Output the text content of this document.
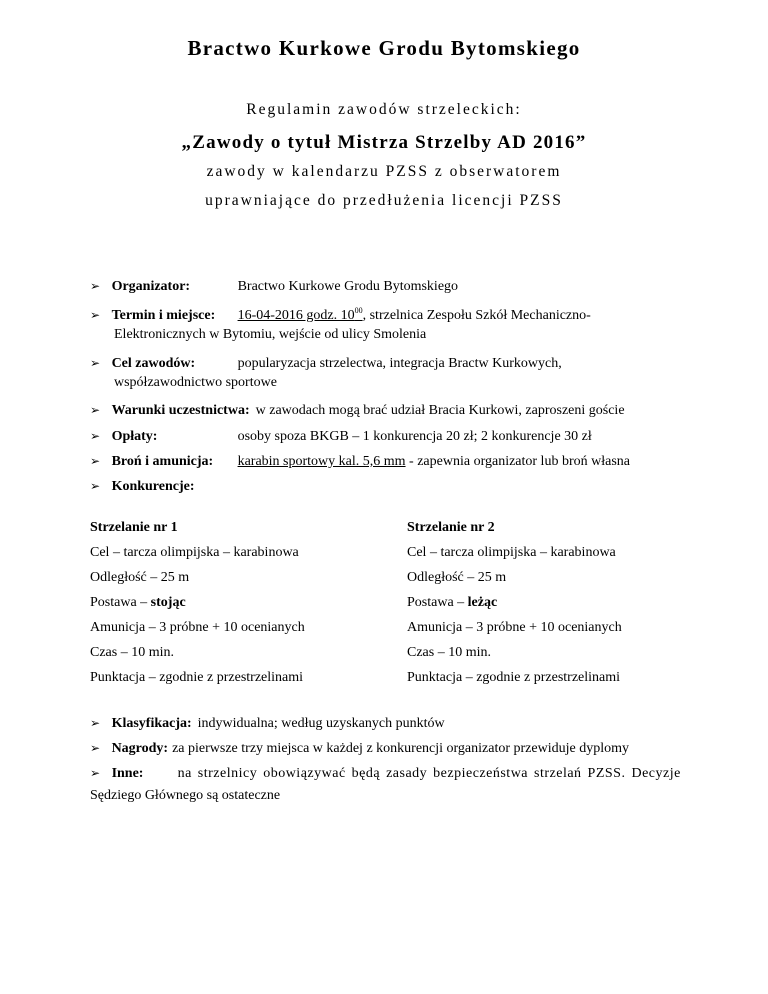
Bractwo Kurkowe Grodu Bytomskiego
Regulamin zawodów strzeleckich:
„Zawody o tytuł Mistrza Strzelby AD 2016”
zawody w kalendarzu PZSS z obserwatorem
uprawniające do przedłużenia licencji PZSS
➢ Organizator:	Bractwo Kurkowe Grodu Bytomskiego
➢ Termin i miejsce: 16-04-2016 godz. $10^{00}$, strzelnica Zespołu Szkół Mechaniczno-
Elektronicznych w Bytomiu, wejście od ulicy Smolenia
➢ Cel zawodów:	popularyzacja strzelectwa, integracja Bractw Kurkowych,
współzawodnictwo sportowe
➢ Warunki uczestnictwa: w zawodach mogą brać udział Bracia Kurkowi, zaproszeni goście
➢ Opłaty:	osoby spoza BKGB – 1 konkurencja 20 zł; 2 konkurencje 30 zł
➢ Broń i amunicja: karabin sportowy kal. 5,6 mm - zapewnia organizator lub broń własna
➢ Konkurencje:
Strzelanie nr 1
Cel – tarcza olimpijska – karabinowa
Odległość – 25 m
Postawa – stojąc
Amunicja – 3 próbne + 10 ocenianych
Czas – 10 min.
Punktacja – zgodnie z przestrzelinami
Strzelanie nr 2
Cel – tarcza olimpijska – karabinowa
Odległość – 25 m
Postawa – leżąc
Amunicja – 3 próbne + 10 ocenianych
Czas – 10 min.
Punktacja – zgodnie z przestrzelinami
➢ Klasyfikacja: indywidualna; według uzyskanych punktów
➢ Nagrody: za pierwsze trzy miejsca w każdej z konkurencji organizator przewiduje dyplomy
➢ Inne: na strzelnicy obowiązywać będą zasady bezpieczeństwa strzelań PZSS. Decyzje
Sędziego Głównego są ostateczne
